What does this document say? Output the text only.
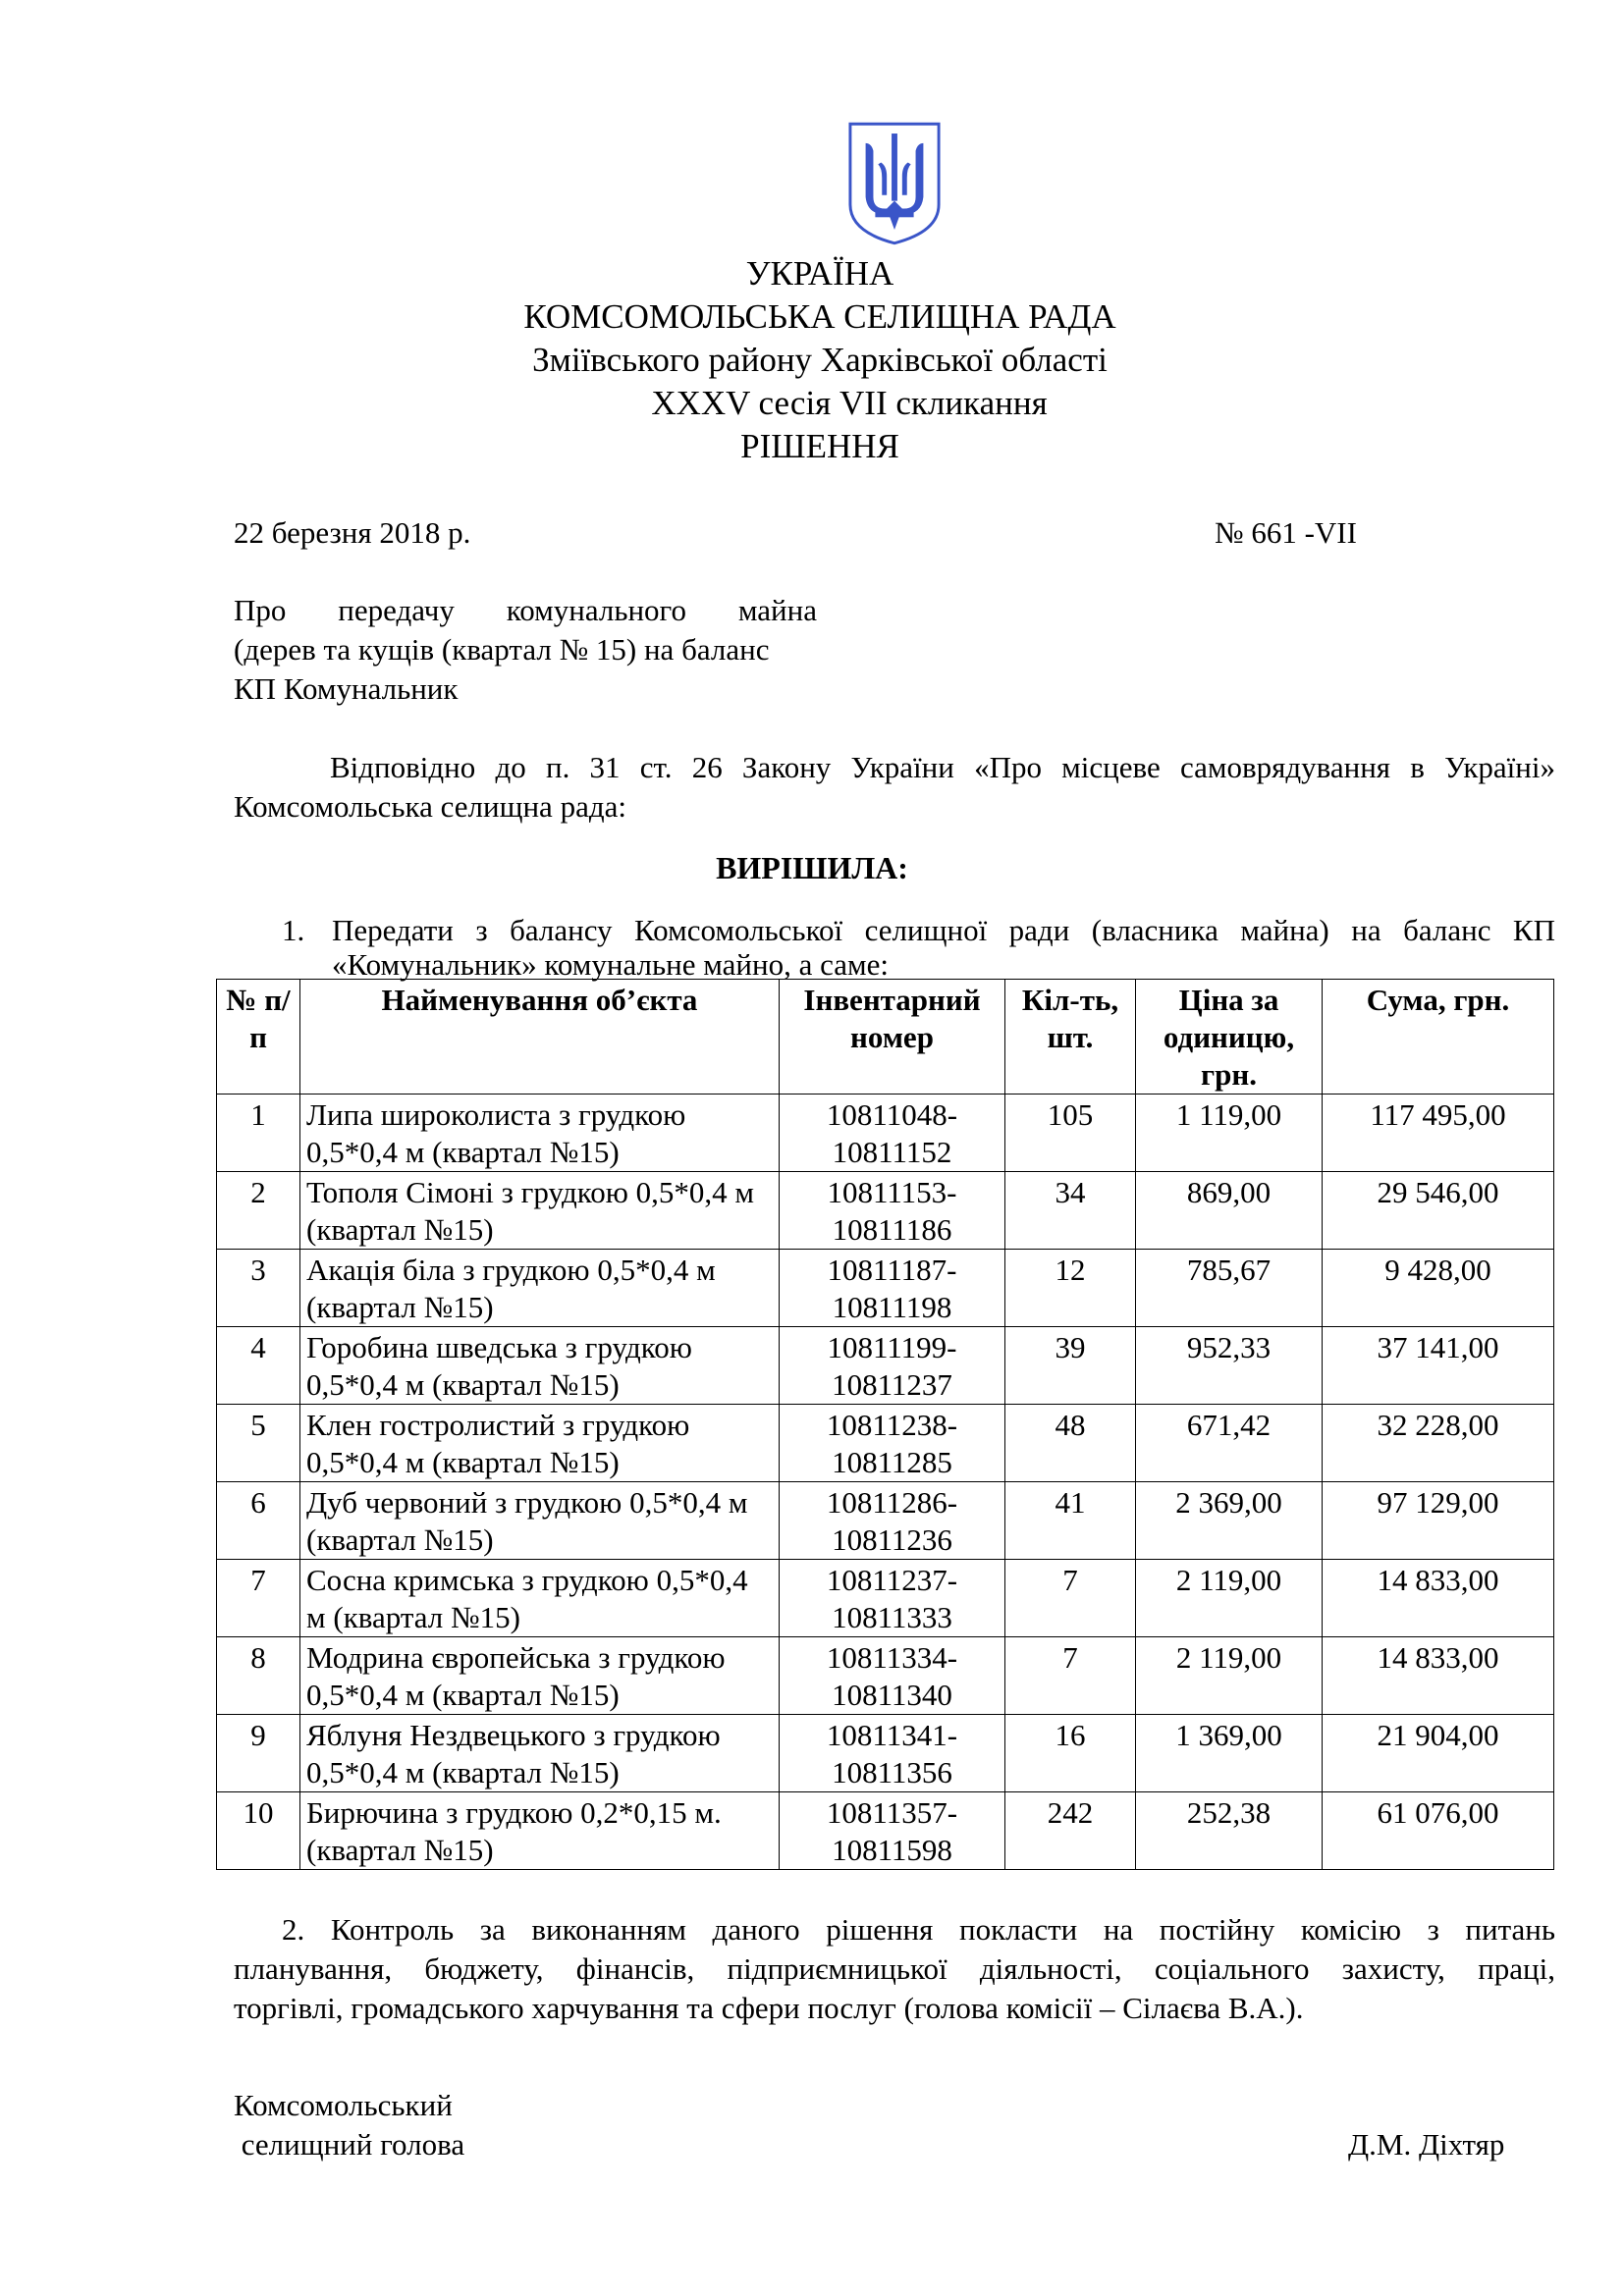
УКРАЇНА
КОМСОМОЛЬСЬКА СЕЛИЩНА РАДА
Зміївського району Харківської області
XXXV сесія VII скликання
РІШЕННЯ
22 березня 2018 р.	№ 661 -VII
Про передачу комунального майна
(дерев та кущів (квартал № 15) на баланс
КП Комунальник
Відповідно до п. 31 ст. 26 Закону України «Про місцеве самоврядування в Україні»
Комсомольська селищна рада:
ВИРІШИЛА:
1. Передати з балансу Комсомольської селищної ради (власника майна) на баланс КП
«Комунальник» комунальне майно, а саме:
№ п/п	Найменування об’єкта	Інвентарний номер	Кіл-ть, шт.	Ціна за одиницю, грн.	Сума, грн.
1	Липа широколиста з грудкою 0,5*0,4 м (квартал №15)	10811048-10811152	105	1 119,00	117 495,00
2	Тополя Сімоні з грудкою 0,5*0,4 м (квартал №15)	10811153-10811186	34	869,00	29 546,00
3	Акація біла з грудкою 0,5*0,4 м (квартал №15)	10811187-10811198	12	785,67	9 428,00
4	Горобина шведська з грудкою 0,5*0,4 м (квартал №15)	10811199-10811237	39	952,33	37 141,00
5	Клен гостролистий з грудкою 0,5*0,4 м (квартал №15)	10811238-10811285	48	671,42	32 228,00
6	Дуб червоний з грудкою 0,5*0,4 м (квартал №15)	10811286-10811236	41	2 369,00	97 129,00
7	Сосна кримська з грудкою 0,5*0,4 м (квартал №15)	10811237-10811333	7	2 119,00	14 833,00
8	Модрина європейська з грудкою 0,5*0,4 м (квартал №15)	10811334-10811340	7	2 119,00	14 833,00
9	Яблуня Нездвецького з грудкою 0,5*0,4 м (квартал №15)	10811341-10811356	16	1 369,00	21 904,00
10	Бирючина з грудкою 0,2*0,15 м. (квартал №15)	10811357-10811598	242	252,38	61 076,00
2. Контроль за виконанням даного рішення покласти на постійну комісію з питань
планування, бюджету, фінансів, підприємницької діяльності, соціального захисту, праці,
торгівлі, громадського харчування та сфери послуг (голова комісії – Сілаєва В.А.).
Комсомольський
селищний голова	Д.М. Діхтяр
